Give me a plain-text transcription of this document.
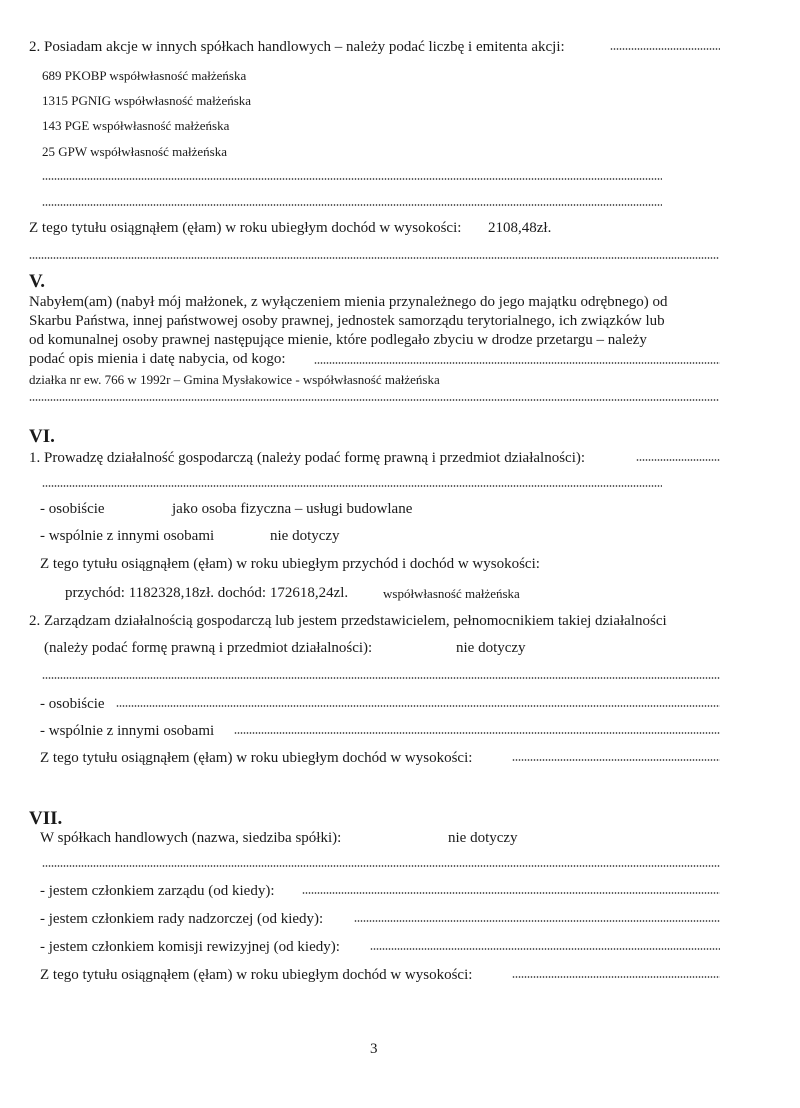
2. Posiadam akcje w innych spółkach handlowych – należy podać liczbę i emitenta akcji:
689 PKOBP współwłasność małżeńska
1315 PGNIG współwłasność małżeńska
143 PGE współwłasność małżeńska
25 GPW współwłasność małżeńska
Z tego tytułu osiągnąłem (ęłam) w roku ubiegłym dochód w wysokości: 2108,48zł.
V.
Nabyłem(am) (nabył mój małżonek, z wyłączeniem mienia przynależnego do jego majątku odrębnego) od
Skarbu Państwa, innej państwowej osoby prawnej, jednostek samorządu terytorialnego, ich związków lub
od komunalnej osoby prawnej następujące mienie, które podlegało zbyciu w drodze przetargu – należy
podać opis mienia i datę nabycia, od kogo:
działka nr ew. 766 w 1992r – Gmina Mysłakowice - współwłasność małżeńska
VI.
1. Prowadzę działalność gospodarczą (należy podać formę prawną i przedmiot działalności):
- osobiście	jako osoba fizyczna – usługi budowlane
- wspólnie z innymi osobami	nie dotyczy
Z tego tytułu osiągnąłem (ęłam) w roku ubiegłym przychód i dochód w wysokości:
przychód: 1182328,18zł. dochód: 172618,24zl.	współwłasność małżeńska
2. Zarządzam działalnością gospodarczą lub jestem przedstawicielem, pełnomocnikiem takiej działalności
(należy podać formę prawną i przedmiot działalności):	nie dotyczy
- osobiście
- wspólnie z innymi osobami
Z tego tytułu osiągnąłem (ęłam) w roku ubiegłym dochód w wysokości:
VII.
W spółkach handlowych (nazwa, siedziba spółki):	nie dotyczy
- jestem członkiem zarządu (od kiedy):
- jestem członkiem rady nadzorczej (od kiedy):
- jestem członkiem komisji rewizyjnej (od kiedy):
Z tego tytułu osiągnąłem (ęłam) w roku ubiegłym dochód w wysokości:
3
